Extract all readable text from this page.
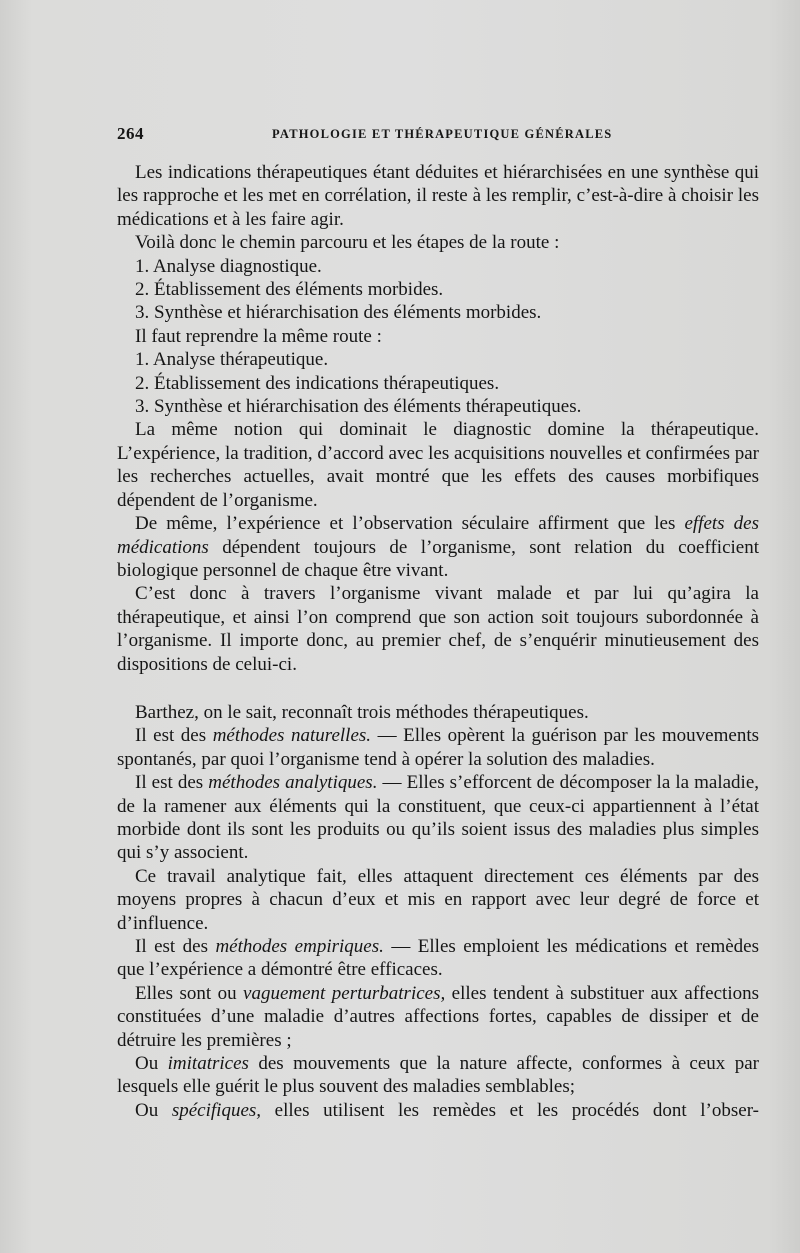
264	PATHOLOGIE ET THÉRAPEUTIQUE GÉNÉRALES

Les indications thérapeutiques étant déduites et hiérarchisées en une synthèse qui les rapproche et les met en corrélation, il reste à les remplir, c’est-à-dire à choisir les médications et à les faire agir.

Voilà donc le chemin parcouru et les étapes de la route :

1. Analyse diagnostique.

2. Établissement des éléments morbides.

3. Synthèse et hiérarchisation des éléments morbides.

Il faut reprendre la même route :

1. Analyse thérapeutique.

2. Établissement des indications thérapeutiques.

3. Synthèse et hiérarchisation des éléments thérapeutiques.

La même notion qui dominait le diagnostic domine la thérapeutique. L’expérience, la tradition, d’accord avec les acquisitions nouvelles et confirmées par les recherches actuelles, avait montré que les effets des causes morbifiques dépendent de l’organisme.

De même, l’expérience et l’observation séculaire affirment que les effets des médications dépendent toujours de l’organisme, sont relation du coefficient biologique personnel de chaque être vivant.

C’est donc à travers l’organisme vivant malade et par lui qu’agira la thérapeutique, et ainsi l’on comprend que son action soit toujours subordonnée à l’organisme. Il importe donc, au premier chef, de s’enquérir minutieusement des dispositions de celui-ci.

Barthez, on le sait, reconnaît trois méthodes thérapeutiques.

Il est des méthodes naturelles. — Elles opèrent la guérison par les mouvements spontanés, par quoi l’organisme tend à opérer la solution des maladies.

Il est des méthodes analytiques. — Elles s’efforcent de décomposer la la maladie, de la ramener aux éléments qui la constituent, que ceux-ci appartiennent à l’état morbide dont ils sont les produits ou qu’ils soient issus des maladies plus simples qui s’y associent.

Ce travail analytique fait, elles attaquent directement ces éléments par des moyens propres à chacun d’eux et mis en rapport avec leur degré de force et d’influence.

Il est des méthodes empiriques. — Elles emploient les médications et remèdes que l’expérience a démontré être efficaces.

Elles sont ou vaguement perturbatrices, elles tendent à substituer aux affections constituées d’une maladie d’autres affections fortes, capables de dissiper et de détruire les premières ;

Ou imitatrices des mouvements que la nature affecte, conformes à ceux par lesquels elle guérit le plus souvent des maladies semblables;

Ou spécifiques, elles utilisent les remèdes et les procédés dont l’obser-
